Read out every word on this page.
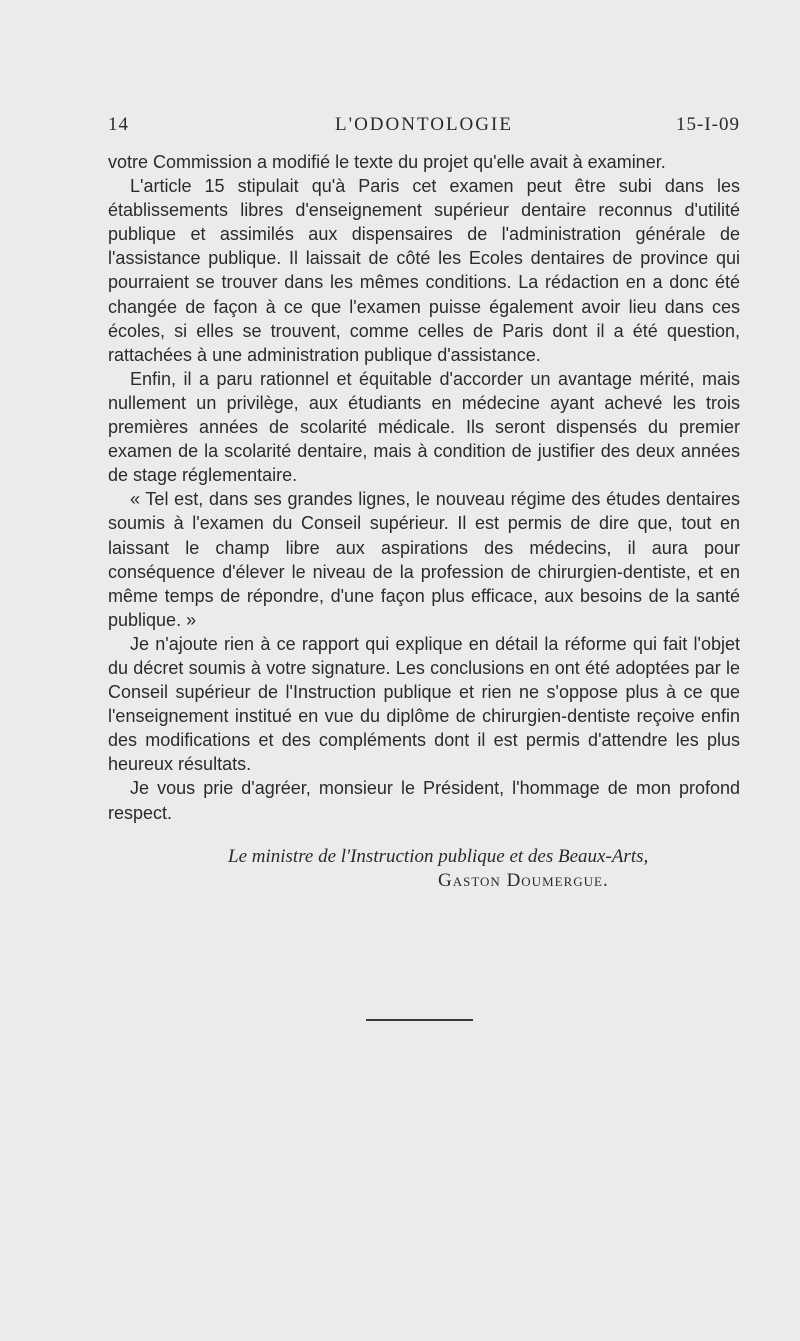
14	L'ODONTOLOGIE	15-I-09

votre Commission a modifié le texte du projet qu'elle avait à examiner.

L'article 15 stipulait qu'à Paris cet examen peut être subi dans les établissements libres d'enseignement supérieur dentaire reconnus d'utilité publique et assimilés aux dispensaires de l'administration générale de l'assistance publique. Il laissait de côté les Ecoles dentaires de province qui pourraient se trouver dans les mêmes conditions. La rédaction en a donc été changée de façon à ce que l'examen puisse également avoir lieu dans ces écoles, si elles se trouvent, comme celles de Paris dont il a été question, rattachées à une administration publique d'assistance.

Enfin, il a paru rationnel et équitable d'accorder un avantage mérité, mais nullement un privilège, aux étudiants en médecine ayant achevé les trois premières années de scolarité médicale. Ils seront dispensés du premier examen de la scolarité dentaire, mais à condition de justifier des deux années de stage réglementaire.

« Tel est, dans ses grandes lignes, le nouveau régime des études dentaires soumis à l'examen du Conseil supérieur. Il est permis de dire que, tout en laissant le champ libre aux aspirations des médecins, il aura pour conséquence d'élever le niveau de la profession de chirurgien-dentiste, et en même temps de répondre, d'une façon plus efficace, aux besoins de la santé publique. »

Je n'ajoute rien à ce rapport qui explique en détail la réforme qui fait l'objet du décret soumis à votre signature. Les conclusions en ont été adoptées par le Conseil supérieur de l'Instruction publique et rien ne s'oppose plus à ce que l'enseignement institué en vue du diplôme de chirurgien-dentiste reçoive enfin des modifications et des compléments dont il est permis d'attendre les plus heureux résultats.

Je vous prie d'agréer, monsieur le Président, l'hommage de mon profond respect.

Le ministre de l'Instruction publique et des Beaux-Arts,
Gaston Doumergue.
